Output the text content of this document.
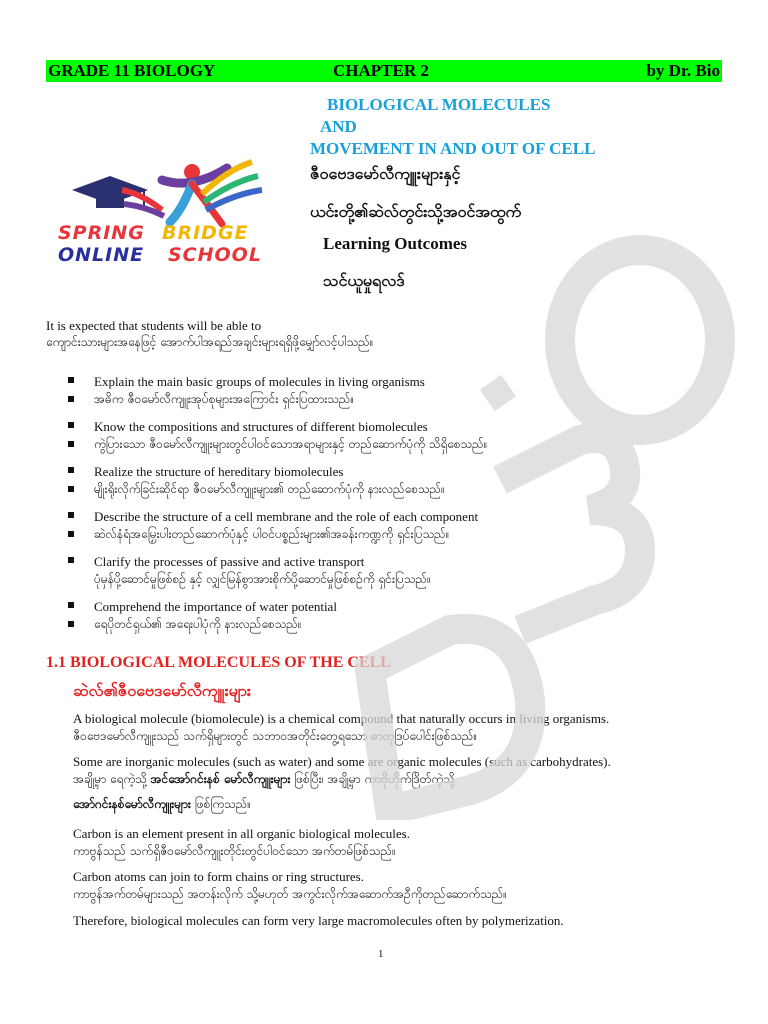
GRADE 11 BIOLOGY	CHAPTER 2	by Dr. Bio
BIOLOGICAL MOLECULES
AND
MOVEMENT IN AND OUT OF CELL
ဇီဝဗေဒမော်လီကျူးများနှင့်
ယင်းတို့၏ဆဲလ်တွင်းသို့အဝင်အထွက်
Learning Outcomes
သင်ယူမှုရလဒ်
SPRING BRIDGE
ONLINE SCHOOL
It is expected that students will be able to
ကျောင်းသားများအနေဖြင့် အောက်ပါအရည်အချင်းများရရှိဖို့မျှော်လင့်ပါသည်။
Explain the main basic groups of molecules in living organisms
အဓိက ဇီဝမော်လီကျူးအုပ်စုများအကြောင်း ရှင်းပြထားသည်။
Know the compositions and structures of different biomolecules
ကွဲပြားသော ဇီဝမော်လီကျူးများတွင်ပါဝင်သောအရာများနှင့် တည်ဆောက်ပုံကို သိရှိစေသည်။
Realize the structure of hereditary biomolecules
မျိုးရိုးလိုက်ခြင်းဆိုင်ရာ ဇီဝမော်လီကျူးများ၏ တည်ဆောက်ပုံကို နားလည်စေသည်။
Describe the structure of a cell membrane and the role of each component
ဆဲလ်နံရံအမြှေးပါးတည်ဆောက်ပုံနှင့် ပါဝင်ပစ္စည်းများ၏အခန်းကဏ္ဍကို ရှင်းပြသည်။
Clarify the processes of passive and active transport
ပုံမှန်ပို့ဆောင်မှုဖြစ်စဉ် နှင့် လျှင်မြန်စွာအားစိုက်ပို့ဆောင်မှုဖြစ်စဉ်ကို ရှင်းပြသည်။
Comprehend the importance of water potential
ရေပိုတင်ရှယ်၏ အရေးပါပုံကို နားလည်စေသည်။
1.1 BIOLOGICAL MOLECULES OF THE CELL
ဆဲလ်၏ဇီဝဗေဒမော်လီကျူးများ
A biological molecule (biomolecule) is a chemical compound that naturally occurs in living organisms.
ဇီဝဗေဒမော်လီကျူးသည် သက်ရှိများတွင် သဘာဝအတိုင်းတွေ့ရသော ဓာတုဒြပ်ပေါင်းဖြစ်သည်။
Some are inorganic molecules (such as water) and some are organic molecules (such as carbohydrates).
အချို့မှာ ရေကဲ့သို့ အင်အော်ဂင်းနစ် မော်လီကျူးများ ဖြစ်ပြီး၊ အချို့မှာ ကာဗိုဟိုက်ဒြိတ်ကဲ့သို့
အော်ဂင်းနစ်မော်လီကျူးများ ဖြစ်ကြသည်။
Carbon is an element present in all organic biological molecules.
ကာဗွန်သည် သက်ရှိဇီဝမော်လီကျူးတိုင်းတွင်ပါဝင်သော အက်တမ်ဖြစ်သည်။
Carbon atoms can join to form chains or ring structures.
ကာဗွန်အက်တမ်များသည် အတန်းလိုက် သို့မဟုတ် အကွင်းလိုက်အဆောက်အဦကိုတည်ဆောက်သည်။
Therefore, biological molecules can form very large macromolecules often by polymerization.
1
